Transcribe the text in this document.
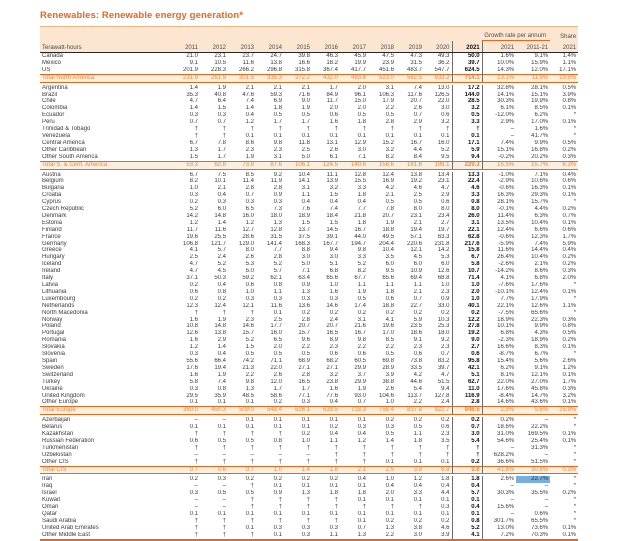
Renewables: Renewable energy generation*
												Growth rate per annum		Share
Terawatt-hours	2011	2012	2013	2014	2015	2016	2017	2018	2019	2020	2021	2021	2011-21	2021
Canada	21.0	23.1	23.7	24.7	39.8	46.3	45.9	47.5	47.3	49.3	50.0	1.6%	9.1%	1.4%
Mexico	9.1	10.5	11.6	13.8	16.6	18.2	19.9	23.9	31.5	36.2	39.7	10.0%	15.9%	1.1%
US	201.9	228.3	266.2	296.8	315.8	367.4	417.7	451.6	483.7	547.7	624.5	14.3%	12.0%	17.1%
Total North America	231.9	261.9	301.5	335.3	372.2	432.0	483.6	523.0	562.5	633.2	714.1	13.1%	11.9%	19.5%

Argentina	1.4	1.9	2.1	2.1	2.1	1.7	2.0	3.1	7.4	13.0	17.2	32.8%	28.1%	0.5%
Brazil	35.3	40.8	47.6	59.3	71.6	84.9	96.1	106.3	117.6	126.5	144.0	14.1%	15.1%	3.9%
Chile	4.7	6.4	7.4	6.9	9.0	11.7	15.0	17.9	20.7	22.0	28.5	30.3%	19.9%	0.8%
Colombia	1.4	1.5	1.4	1.8	1.9	2.0	2.0	2.2	2.6	3.0	3.2	6.1%	8.5%	0.1%
Ecuador	0.3	0.3	0.4	0.5	0.5	0.6	0.5	0.5	0.7	0.6	0.5	-12.0%	6.2%	*
Peru	0.7	0.7	1.2	1.7	1.7	1.6	1.8	2.8	2.9	3.2	3.3	2.9%	17.0%	0.1%
Trinidad & Tobago	†	†	†	†	†	†	†	†	†	†	†	–	1.6%	*
Venezuela	†	†	0.1	0.1	0.1	0.1	0.1	0.1	0.1	0.1	0.1	–	41.7%	*
Central America	6.7	7.8	8.6	9.8	11.8	13.1	12.9	15.2	16.7	16.0	17.1	7.4%	9.9%	0.5%
Other Caribbean	1.3	1.7	2.3	2.3	2.5	2.6	3.0	3.2	4.4	5.2	5.9	15.1%	16.8%	0.2%
Other South America	1.5	1.7	1.9	3.1	5.0	6.1	7.1	8.2	8.4	9.5	9.4	-0.2%	20.2%	0.3%
Total S. & Cent. America	53.3	62.8	73.9	87.6	106.1	124.5	140.6	158.6	181.6	199.1	229.3	15.5%	15.7%	6.3%

Austria	6.7	7.5	8.5	9.2	10.4	11.1	12.8	12.4	13.8	13.4	13.3	-1.0%	7.1%	0.4%
Belgium	8.2	10.1	11.4	11.9	14.1	13.9	15.5	16.9	19.2	23.1	22.4	-2.9%	10.6%	0.6%
Bulgaria	1.0	2.1	2.8	2.8	3.1	3.2	3.3	4.2	4.6	4.7	4.6	-0.6%	16.3%	0.1%
Croatia	0.3	0.4	0.7	0.9	1.1	1.5	1.8	2.1	2.5	2.9	3.3	16.3%	29.3%	0.1%
Cyprus	0.2	0.3	0.3	0.3	0.4	0.4	0.4	0.5	0.5	0.6	0.8	28.1%	15.7%	*
Czech Republic	5.2	6.0	6.5	7.3	7.6	7.4	7.7	7.8	8.0	8.0	8.0	-0.1%	4.4%	0.2%
Denmark	14.2	14.8	16.0	18.0	18.9	18.4	21.8	20.7	23.1	23.4	26.0	11.4%	6.3%	0.7%
Estonia	1.2	1.4	1.2	1.3	1.5	1.5	1.8	1.9	2.1	2.7	3.1	13.5%	10.4%	0.1%
Finland	11.7	11.6	12.7	12.8	13.7	14.5	16.7	18.8	19.4	19.7	22.1	12.4%	6.6%	0.6%
France	19.6	25.5	28.6	31.5	37.5	39.1	44.0	49.5	57.1	63.3	62.8	-0.6%	12.3%	1.7%
Germany	106.8	121.7	129.0	141.4	168.3	167.7	194.7	204.4	220.6	231.8	217.6	-5.9%	7.4%	5.9%
Greece	4.1	5.7	8.0	7.7	8.8	9.4	9.8	10.4	12.1	14.2	15.8	11.6%	14.4%	0.4%
Hungary	2.5	2.4	2.6	2.8	3.0	3.0	3.3	3.5	4.5	5.3	6.7	26.4%	10.4%	0.2%
Iceland	4.7	5.2	5.3	5.2	5.0	5.1	5.2	6.0	6.0	6.0	5.8	-2.6%	2.1%	0.2%
Ireland	4.7	4.5	5.0	5.7	7.1	6.8	8.2	9.5	10.9	12.6	10.7	-14.2%	8.6%	0.3%
Italy	37.1	50.3	59.2	62.1	63.4	65.6	67.7	65.6	69.4	68.8	71.4	4.1%	6.8%	2.0%
Latvia	0.2	0.4	0.6	0.8	0.9	1.0	1.1	1.1	1.1	1.0	1.0	-7.6%	17.6%	*
Lithuania	0.6	0.8	1.0	1.1	1.3	1.6	1.9	1.8	2.1	2.3	2.0	-10.1%	12.4%	0.1%
Luxembourg	0.2	0.2	0.3	0.3	0.3	0.3	0.5	0.6	0.7	0.9	1.0	7.7%	17.9%	*
Netherlands	12.3	12.4	12.1	11.6	13.6	14.6	17.4	18.8	22.7	33.0	40.1	22.1%	12.6%	1.1%
North Macedonia	†	†	†	0.1	0.2	0.2	0.2	0.2	0.2	0.2	0.2	-7.5%	65.6%	*
Norway	1.6	1.9	2.3	2.5	2.8	2.4	3.1	4.1	5.9	10.3	12.2	18.9%	22.3%	0.3%
Poland	10.8	14.8	14.6	17.7	20.7	20.7	21.6	19.6	23.5	25.3	27.8	10.1%	9.9%	0.8%
Portugal	12.6	13.8	15.7	16.0	15.7	16.5	16.7	17.0	18.6	18.0	19.2	6.8%	4.3%	0.5%
Romania	1.6	2.9	5.2	6.5	9.6	8.9	9.8	8.5	9.1	9.2	9.0	-2.3%	18.9%	0.2%
Slovakia	1.2	1.4	1.5	2.0	2.2	2.3	2.2	2.2	2.3	2.3	2.7	16.6%	8.3%	0.1%
Slovenia	0.3	0.4	0.5	0.5	0.5	0.6	0.6	0.5	0.6	0.7	0.6	-8.7%	6.7%	*
Spain	55.6	66.4	74.2	71.1	68.9	68.2	60.5	69.8	73.8	83.2	95.8	15.4%	5.6%	2.6%
Sweden	17.6	19.4	21.3	22.0	27.1	27.1	29.9	28.9	33.5	39.7	42.1	6.2%	9.1%	1.2%
Switzerland	1.6	1.9	2.2	2.6	2.8	3.2	3.7	3.9	4.2	4.7	5.1	8.1%	12.1%	0.1%
Turkey	5.8	7.4	9.8	12.0	16.5	23.8	29.9	38.8	44.6	51.5	62.7	22.0%	27.0%	1.7%
Ukraine	0.3	0.8	1.3	1.7	1.7	1.6	1.9	2.6	5.4	9.4	11.0	17.6%	45.8%	0.3%
United Kingdom	29.5	35.9	48.5	58.6	77.1	77.6	93.0	104.6	113.7	127.8	116.9	-8.4%	14.7%	3.2%
Other Europe	0.1	0.1	0.1	0.2	0.3	0.4	0.7	1.0	2.2	2.4	2.8	14.6%	43.6%	0.1%
Total Europe	380.0	450.3	509.0	548.4	626.1	639.5	718.3	758.4	837.8	922.7	946.5	2.9%	9.6%	25.9%

Azerbaijan	–	–	0.1	0.1	0.1	0.1	0.1	0.2	0.2	0.2	0.2	0.2%	–	*
Belarus	0.1	0.1	0.1	0.1	0.1	0.2	0.3	0.3	0.5	0.6	0.7	18.6%	22.2%	*
Kazakhstan	†	†	†	†	0.2	0.4	0.4	0.5	1.1	2.3	3.0	31.0%	169.5%	0.1%
Russian Federation	0.6	0.5	0.5	0.8	1.0	1.1	1.2	1.4	1.8	3.5	5.4	54.6%	25.4%	0.1%
Turkmenistan	†	†	†	†	†	†	†	†	†	†	†	–	31.3%	*
Uzbekistan	–	–	–	–	–	†	†	†	†	†	†	628.2%	–	*
Other CIS	†	†	†	†	†	†	†	0.1	0.1	0.1	0.2	36.6%	51.5%	*
Total CIS	0.7	0.6	0.7	1.0	1.4	1.8	2.1	2.5	3.8	6.8	9.6	41.6%	30.6%	0.3%

Iran	0.2	0.3	0.2	0.2	0.2	0.2	0.4	1.0	1.2	1.8	1.8	2.6%	22.7%	*
Iraq	–	–	†	0.1	0.1	0.1	0.1	0.4	0.4	0.4	0.4	–	–	*
Israel	0.3	0.5	0.5	0.9	1.3	1.8	1.8	2.0	3.3	4.4	5.7	30.3%	35.5%	0.2%
Kuwait	–	–	†	†	†	†	0.1	0.1	0.1	0.1	0.1	–	–	*
Oman	–	–	†	†	†	†	†	†	†	0.3	0.4	15.6%	–	*
Qatar	0.1	0.1	0.1	0.1	0.1	0.1	0.1	0.1	0.1	0.1	0.1	–	0.6%	*
Saudi Arabia	†	†	†	†	†	†	0.1	0.2	0.2	0.2	0.8	301.7%	65.5%	*
United Arab Emirates	†	†	0.1	0.3	0.3	0.3	0.7	1.3	3.8	4.6	5.2	13.0%	73.6%	0.1%
Other Middle East	†	†	†	0.1	0.3	1.1	1.3	2.2	3.0	3.9	4.1	7.2%	70.3%	0.1%
